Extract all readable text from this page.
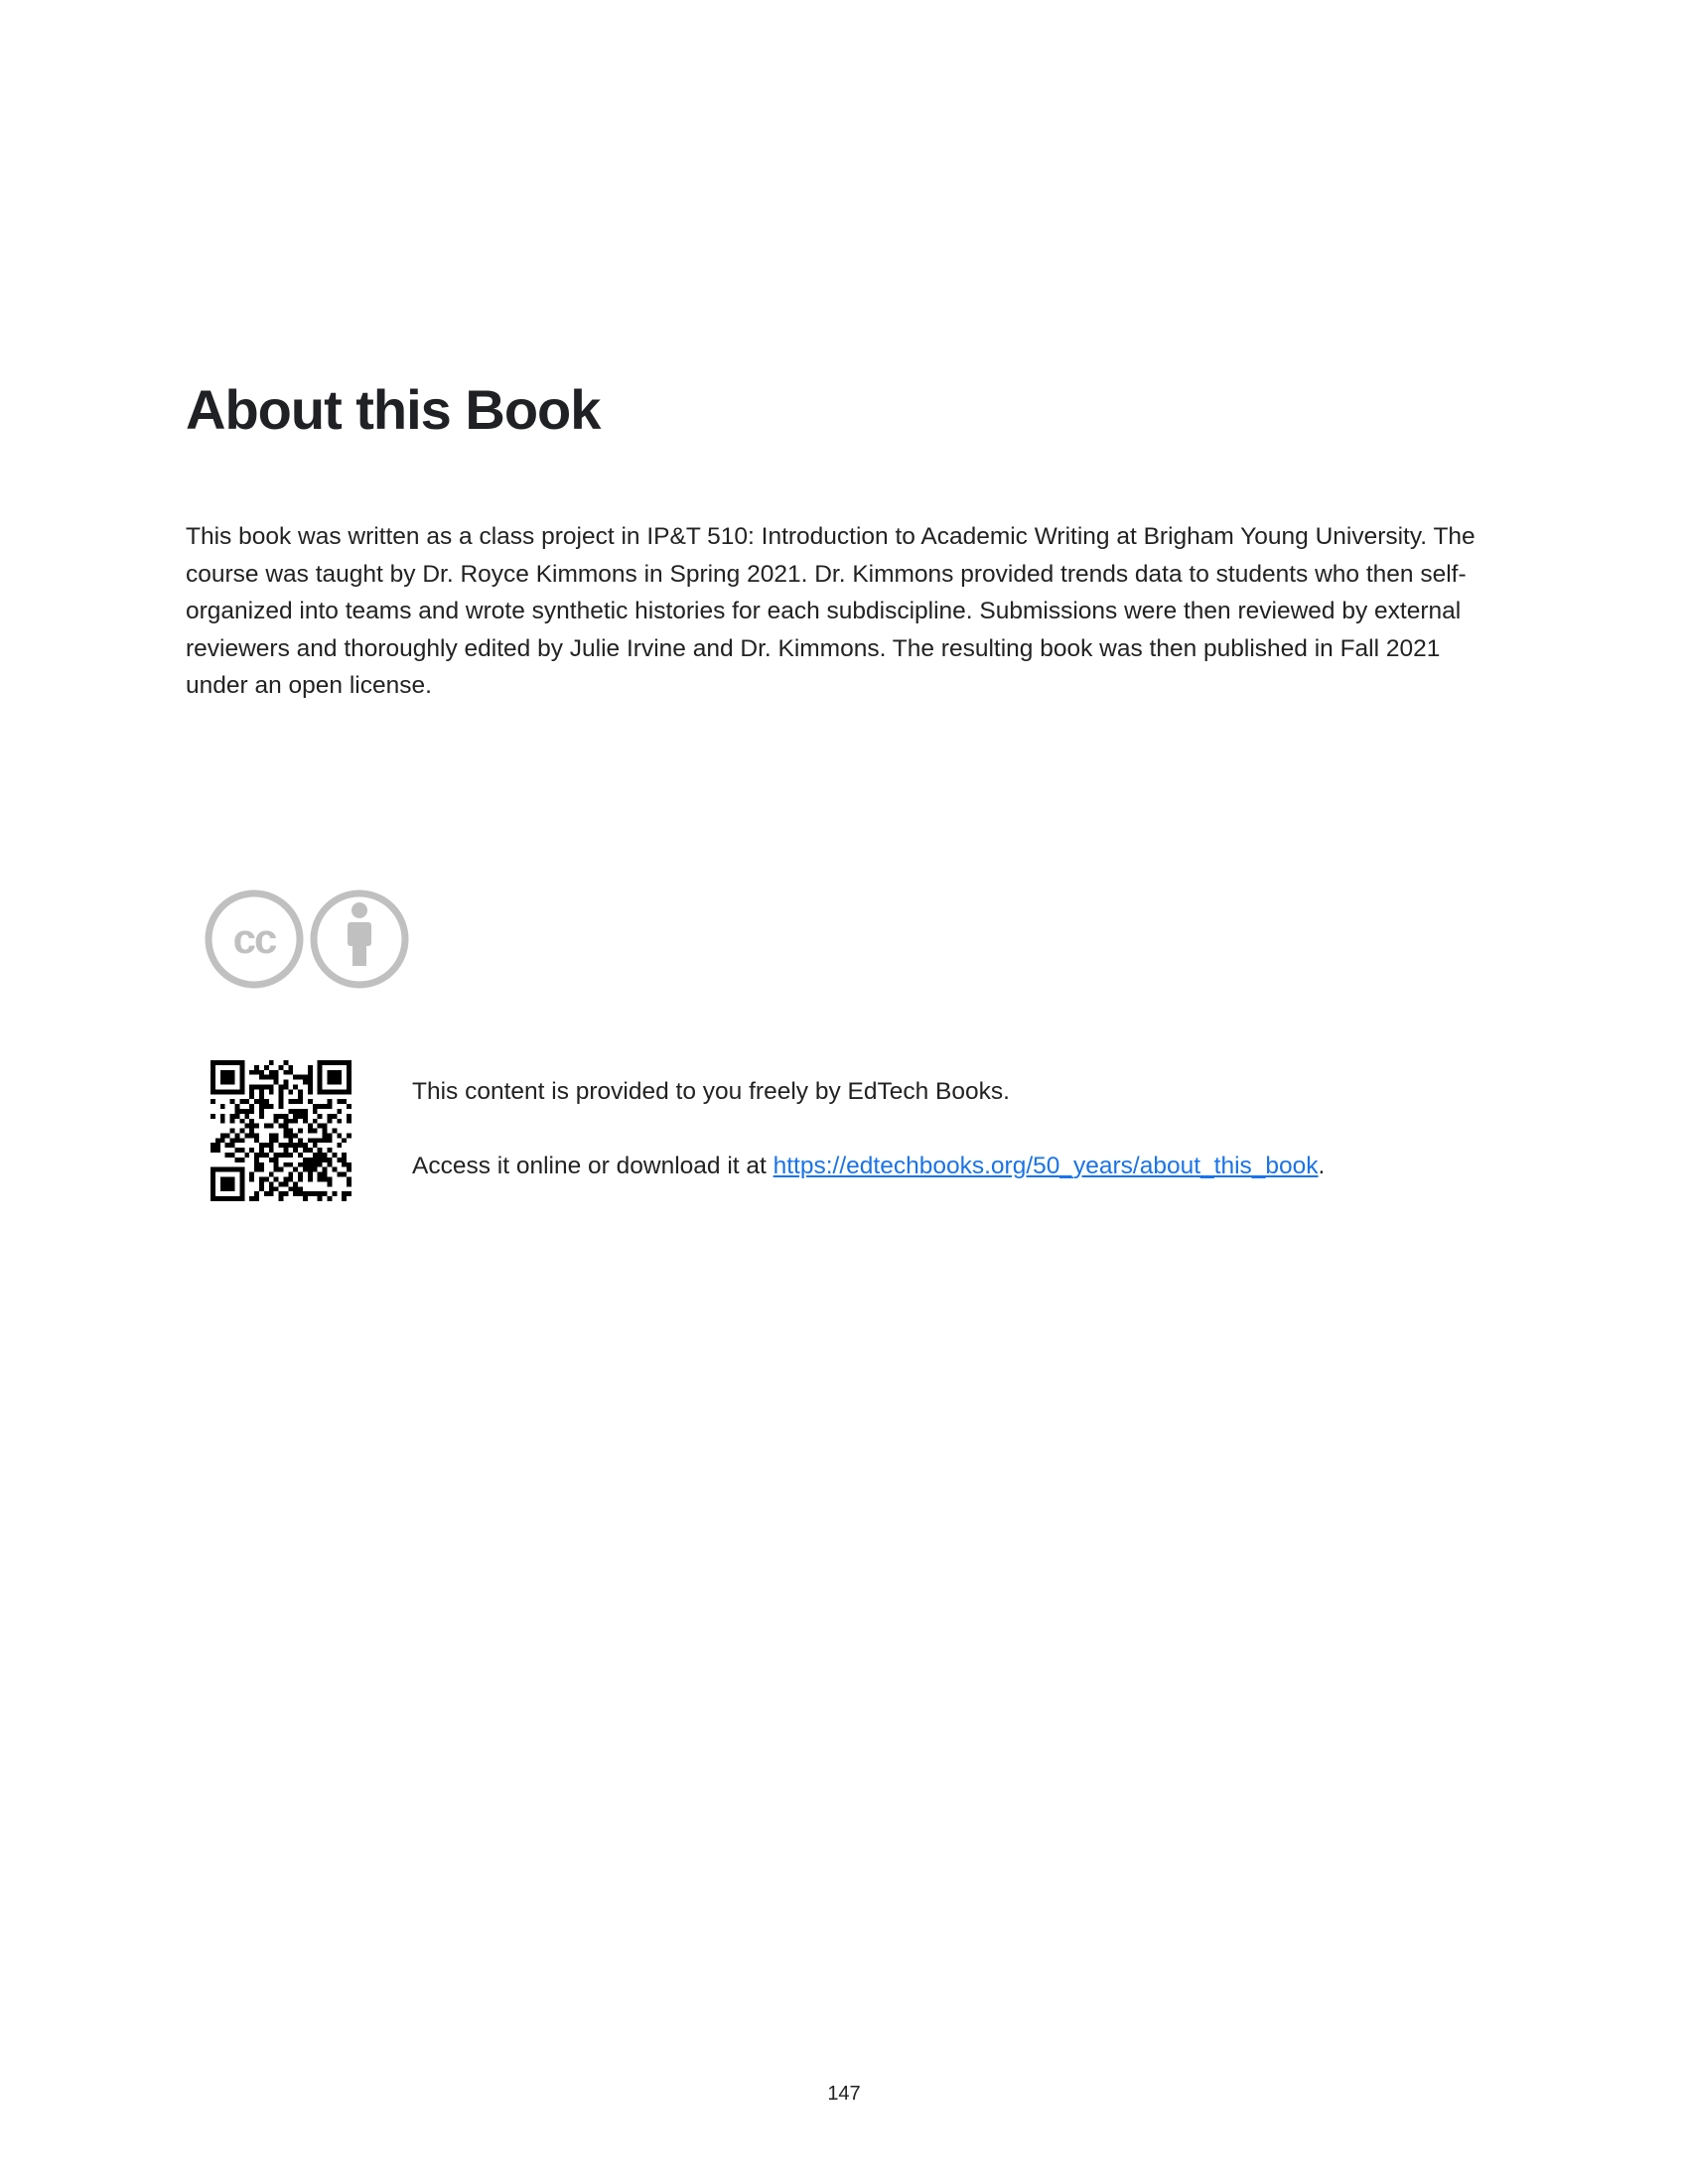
About this Book

This book was written as a class project in IP&T 510: Introduction to Academic Writing at Brigham Young University. The course was taught by Dr. Royce Kimmons in Spring 2021. Dr. Kimmons provided trends data to students who then self-organized into teams and wrote synthetic histories for each subdiscipline. Submissions were then reviewed by external reviewers and thoroughly edited by Julie Irvine and Dr. Kimmons. The resulting book was then published in Fall 2021 under an open license.

cc

This content is provided to you freely by EdTech Books.

Access it online or download it at https://edtechbooks.org/50_years/about_this_book.

147
